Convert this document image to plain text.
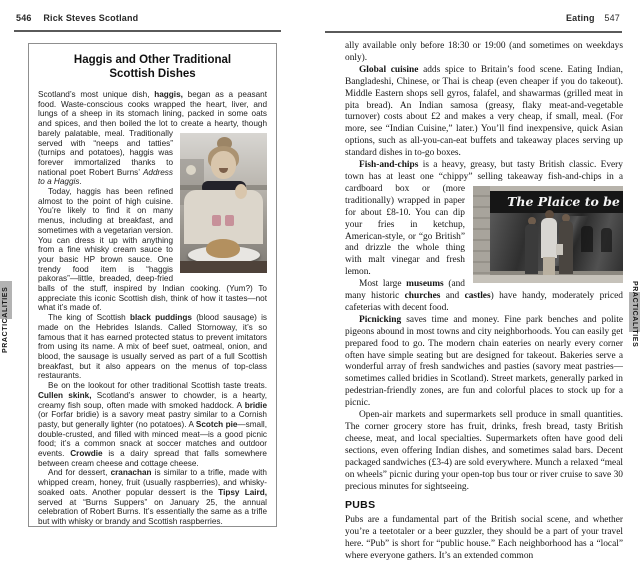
546 Rick Steves Scotland	Eating 547
Haggis and Other Traditional
Scottish Dishes

Scotland’s most unique dish, haggis, began as a peasant food. Waste-conscious cooks wrapped the heart, liver, and lungs of a sheep in its stomach lining, packed in some oats and spices, and then boiled the lot to create a hearty, though barely
palatable, meal. Traditionally served with “neeps and tatties” (turnips and potatoes), haggis was forever immortalized thanks to national poet Robert Burns’ Address to a Haggis.

Today, haggis has been refined almost to the point of high cuisine. You’re likely to find it on many menus, including at breakfast, and sometimes with a vegetarian version. You can dress it up with anything from a fine whisky cream sauce to your basic HP brown sauce. One trendy food item is “haggis pakoras”—little, breaded, deep-fried balls of the stuff, inspired by Indian cooking. (Yum?) To appreciate this iconic Scottish dish, think of how it tastes—not what it’s made of.

The king of Scottish black puddings (blood sausage) is made on the Hebrides Islands. Called Stornoway, it’s so famous that it has earned protected status to prevent imitators from using its name. A mix of beef suet, oatmeal, onion, and blood, the sausage is usually served as part of a full Scottish breakfast, but it also appears on the menus of top-class restaurants.

Be on the lookout for other traditional Scottish taste treats. Cullen skink, Scotland’s answer to chowder, is a hearty, creamy fish soup, often made with smoked haddock. A bridie (or Forfar bridie) is a savory meat pastry similar to a Cornish pasty, but generally lighter (no potatoes). A Scotch pie—small, double-crusted, and filled with minced meat—is a good picnic food; it’s a common snack at soccer matches and outdoor events. Crowdie is a dairy spread that falls somewhere between cream cheese and cottage cheese.

And for dessert, cranachan is similar to a trifle, made with whipped cream, honey, fruit (usually raspberries), and whisky-soaked oats. Another popular dessert is the Tipsy Laird, served at “Burns Suppers” on January 25, the annual celebration of Robert Burns. It’s essentially the same as a trifle but with whisky or brandy and Scottish raspberries.

ally available only before 18:30 or 19:00 (and sometimes on weekdays only).

Global cuisine adds spice to Britain’s food scene. Eating Indian, Bangladeshi, Chinese, or Thai is cheap (even cheaper if you do takeout). Middle Eastern shops sell gyros, falafel, and shawarmas (grilled meat in pita bread). An Indian samosa (greasy, flaky meat-and-vegetable turnover) costs about £2 and makes a very cheap, if small, meal. (For more, see “Indian Cuisine,” later.) You’ll find inexpensive, quick Asian options, such as all-you-can-eat buffets and takeaway places serving up standard dishes in to-go boxes.

Fish-and-chips is a heavy, greasy, but tasty British classic. Every town has at least one “chippy” selling takeaway fish-and-
The Plaice to be
chips in a cardboard box or (more traditionally) wrapped in paper for about £8-10. You can dip your fries in ketchup, American-style, or “go British” and drizzle the whole thing with malt vinegar and fresh lemon.

Most large museums (and many historic churches and castles) have handy, moderately priced cafeterias with decent food.

Picnicking saves time and money. Fine park benches and polite pigeons abound in most towns and city neighborhoods. You can easily get prepared food to go. The modern chain eateries on nearly every corner often have simple seating but are designed for takeout. Bakeries serve a wonderful array of fresh sandwiches and pasties (savory meat pastries—sometimes called bridies in Scotland). Street markets, generally parked in pedestrian-friendly zones, are fun and colorful places to stock up for a picnic.

Open-air markets and supermarkets sell produce in small quantities. The corner grocery store has fruit, drinks, fresh bread, tasty British cheese, meat, and local specialties. Supermarkets often have good deli sections, even offering Indian dishes, and sometimes salad bars. Decent packaged sandwiches (£3-4) are sold everywhere. Munch a relaxed “meal on wheels” picnic during your open-top bus tour or river cruise to save 30 precious minutes for sightseeing.

PUBS

Pubs are a fundamental part of the British social scene, and whether you’re a teetotaler or a beer guzzler, they should be a part of your travel here. “Pub” is short for “public house.” Each neighborhood has a “local” where everyone gathers. It’s an extended common

PRACTICALITIES	PRACTICALITIES
